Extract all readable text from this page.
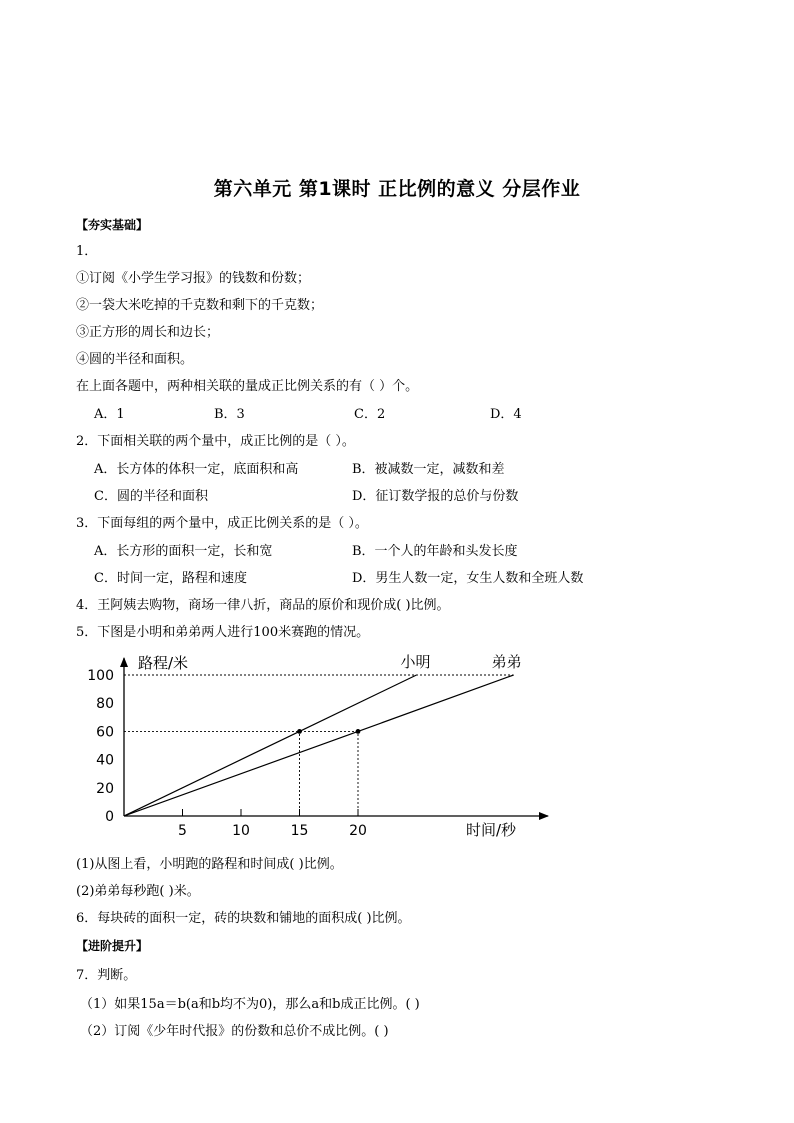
第六单元 第1课时 正比例的意义 分层作业
【夯实基础】
1．
①订阅《小学生学习报》的钱数和份数；
②一袋大米吃掉的千克数和剩下的千克数；
③正方形的周长和边长；
④圆的半径和面积。
在上面各题中，两种相关联的量成正比例关系的有（ ）个。
A．1	B．3	C．2	D．4
2．下面相关联的两个量中，成正比例的是（ ）。
A．长方体的体积一定，底面积和高	B．被减数一定，减数和差
C．圆的半径和面积	D．征订数学报的总价与份数
3．下面每组的两个量中，成正比例关系的是（ ）。
A．长方形的面积一定，长和宽	B．一个人的年龄和头发长度
C．时间一定，路程和速度	D．男生人数一定，女生人数和全班人数
4．王阿姨去购物，商场一律八折，商品的原价和现价成( )比例。
5．下图是小明和弟弟两人进行100米赛跑的情况。
0
20
40
60
80
100
5	10	15	20
路程/米
时间/秒
小明	弟弟
(1)从图上看，小明跑的路程和时间成( )比例。
(2)弟弟每秒跑( )米。
6．每块砖的面积一定，砖的块数和铺地的面积成( )比例。
【进阶提升】
7．判断。
（1）如果15a＝b(a和b均不为0)，那么a和b成正比例。( )
（2）订阅《少年时代报》的份数和总价不成比例。( )
